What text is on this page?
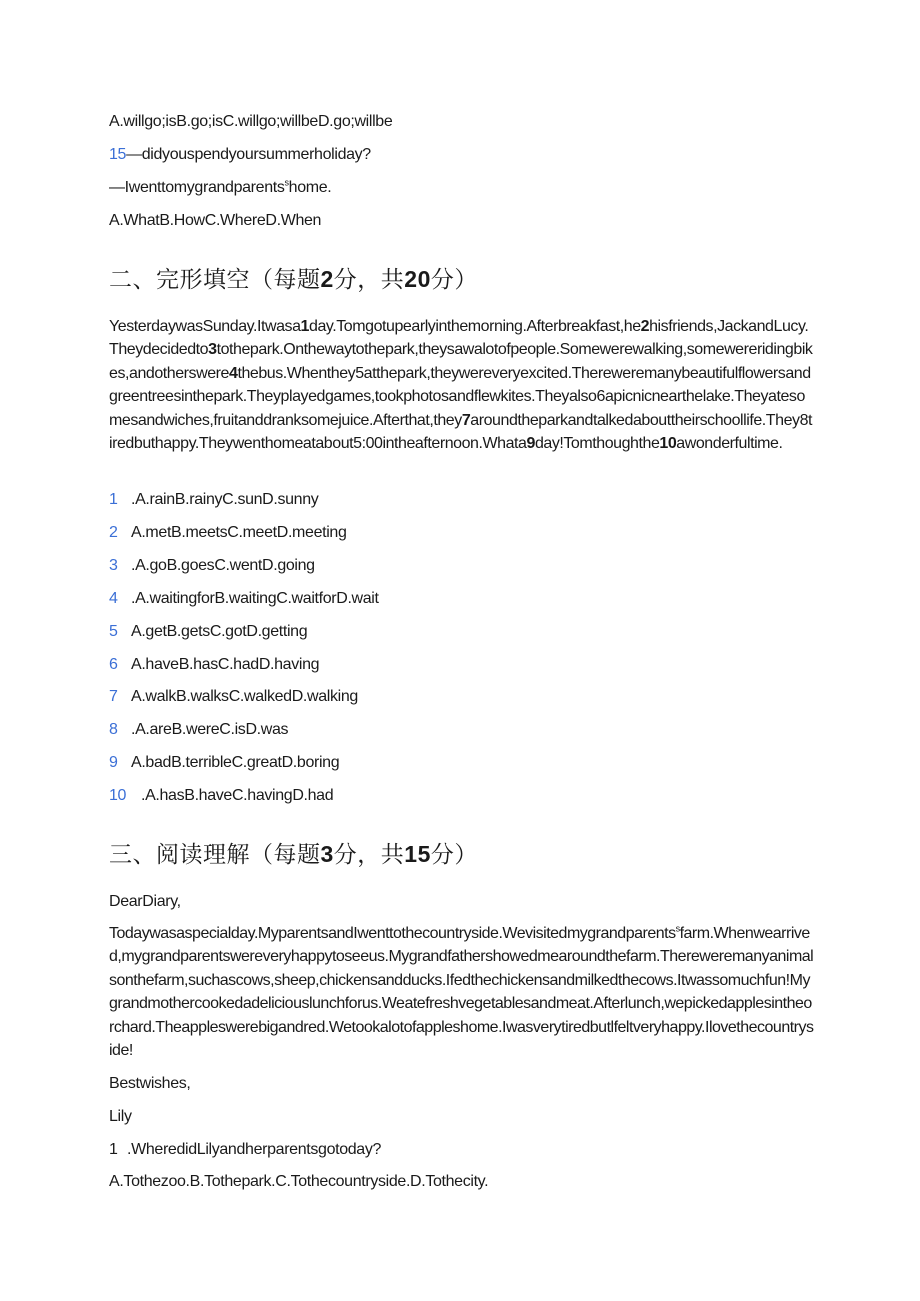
A.willgo;isB.go;isC.willgo;willbeD.go;willbe
15—didyouspendyoursummerholiday?
—Iwenttomygrandparents$^s$home.
A.WhatB.HowC.WhereD.When
二、完形填空（每题2分，共20分）
YesterdaywasSunday.Itwasa1day.Tomgotupearlyinthemorning.Afterbreakfast,he2hisfriends,JackandLucy.Theydecidedto3tothepark.Onthewaytothepark,theysawalotofpeople.Somewerewalking,somewereridingbikes,andotherswere4thebus.Whenthey5atthepark,theywereveryexcited.Thereweremanybeautifulflowersandgreentreesinthepark.Theyplayedgames,tookphotosandflewkites.Theyalso6apicnicnearthelake.Theyatesomesandwiches,fruitanddranksomejuice.Afterthat,they7aroundtheparkandtalkedabouttheirschoollife.They8tiredbuthappy.Theywenthomeatabout5:00intheafternoon.Whata9day!Tomthoughthe10awonderfultime.
1 .A.rainB.rainyC.sunD.sunny
2 A.metB.meetsC.meetD.meeting
3 .A.goB.goesC.wentD.going
4 .A.waitingforB.waitingC.waitforD.wait
5 A.getB.getsC.gotD.getting
6 A.haveB.hasC.hadD.having
7 A.walkB.walksC.walkedD.walking
8 .A.areB.wereC.isD.was
9 A.badB.terribleC.greatD.boring
10 .A.hasB.haveC.havingD.had
三、阅读理解（每题3分，共15分）
DearDiary,
Todaywasaspecialday.MyparentsandIwenttothecountryside.Wevisitedmygrandparents$^s$farm.Whenwearrived,mygrandparentswereveryhappytoseeus.Mygrandfathershowedmearoundthefarm.Thereweremanyanimalsonthefarm,suchascows,sheep,chickensandducks.Ifedthechickensandmilkedthecows.Itwassomuchfun!Mygrandmothercookedadeliciouslunchforus.Weatefreshvegetablesandmeat.Afterlunch,wepickedapplesintheorchard.Theappleswerebigandred.Wetookalotofappleshome.Iwasverytiredbutlfeltveryhappy.Ilovethecountryside!
Bestwishes,
Lily
1 .WheredidLilyandherparentsgotoday?
A.Tothezoo.B.Tothepark.C.Tothecountryside.D.Tothecity.
